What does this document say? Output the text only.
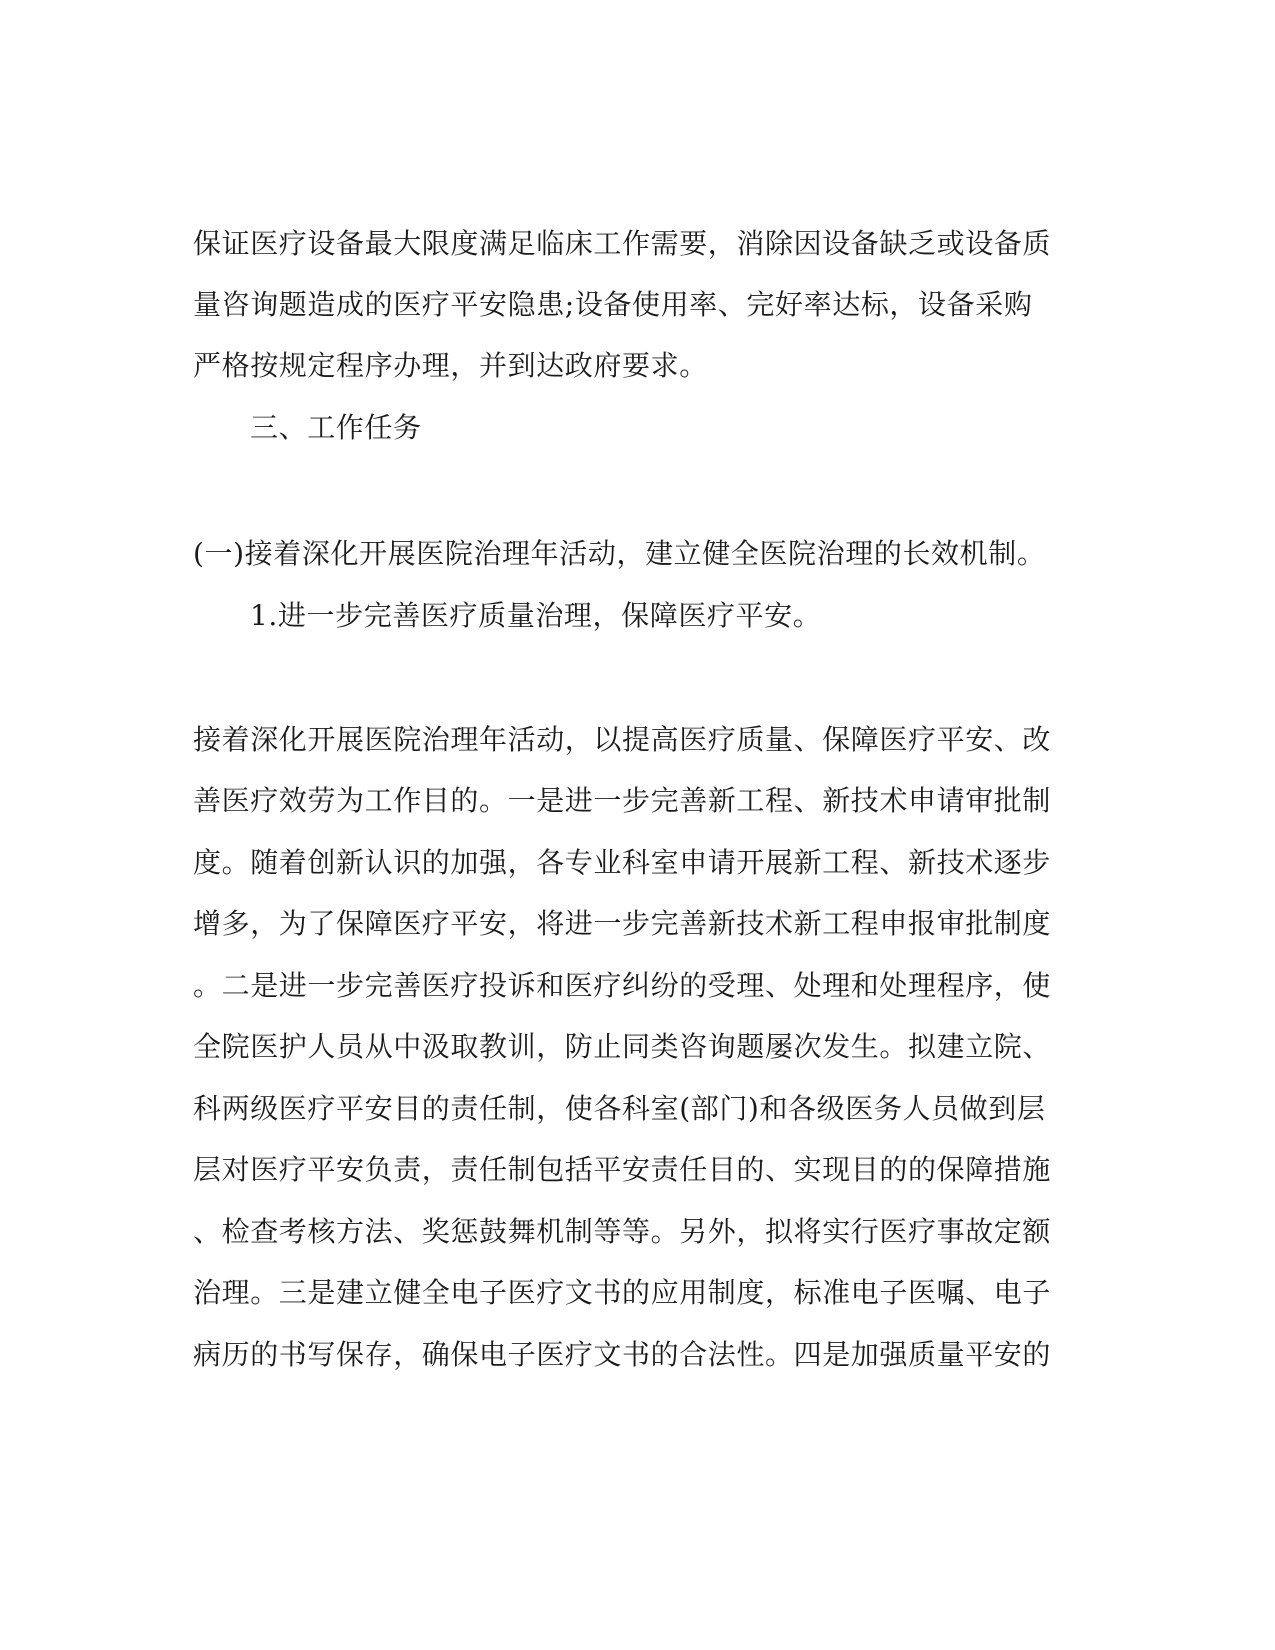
保证医疗设备最大限度满足临床工作需要，消除因设备缺乏或设备质
量咨询题造成的医疗平安隐患;设备使用率、完好率达标，设备采购
严格按规定程序办理，并到达政府要求。
三、工作任务
(一)接着深化开展医院治理年活动，建立健全医院治理的长效机制。
1.进一步完善医疗质量治理，保障医疗平安。
接着深化开展医院治理年活动，以提高医疗质量、保障医疗平安、改
善医疗效劳为工作目的。一是进一步完善新工程、新技术申请审批制
度。随着创新认识的加强，各专业科室申请开展新工程、新技术逐步
增多，为了保障医疗平安，将进一步完善新技术新工程申报审批制度
。二是进一步完善医疗投诉和医疗纠纷的受理、处理和处理程序，使
全院医护人员从中汲取教训，防止同类咨询题屡次发生。拟建立院、
科两级医疗平安目的责任制，使各科室(部门)和各级医务人员做到层
层对医疗平安负责，责任制包括平安责任目的、实现目的的保障措施
、检查考核方法、奖惩鼓舞机制等等。另外，拟将实行医疗事故定额
治理。三是建立健全电子医疗文书的应用制度，标准电子医嘱、电子
病历的书写保存，确保电子医疗文书的合法性。四是加强质量平安的
